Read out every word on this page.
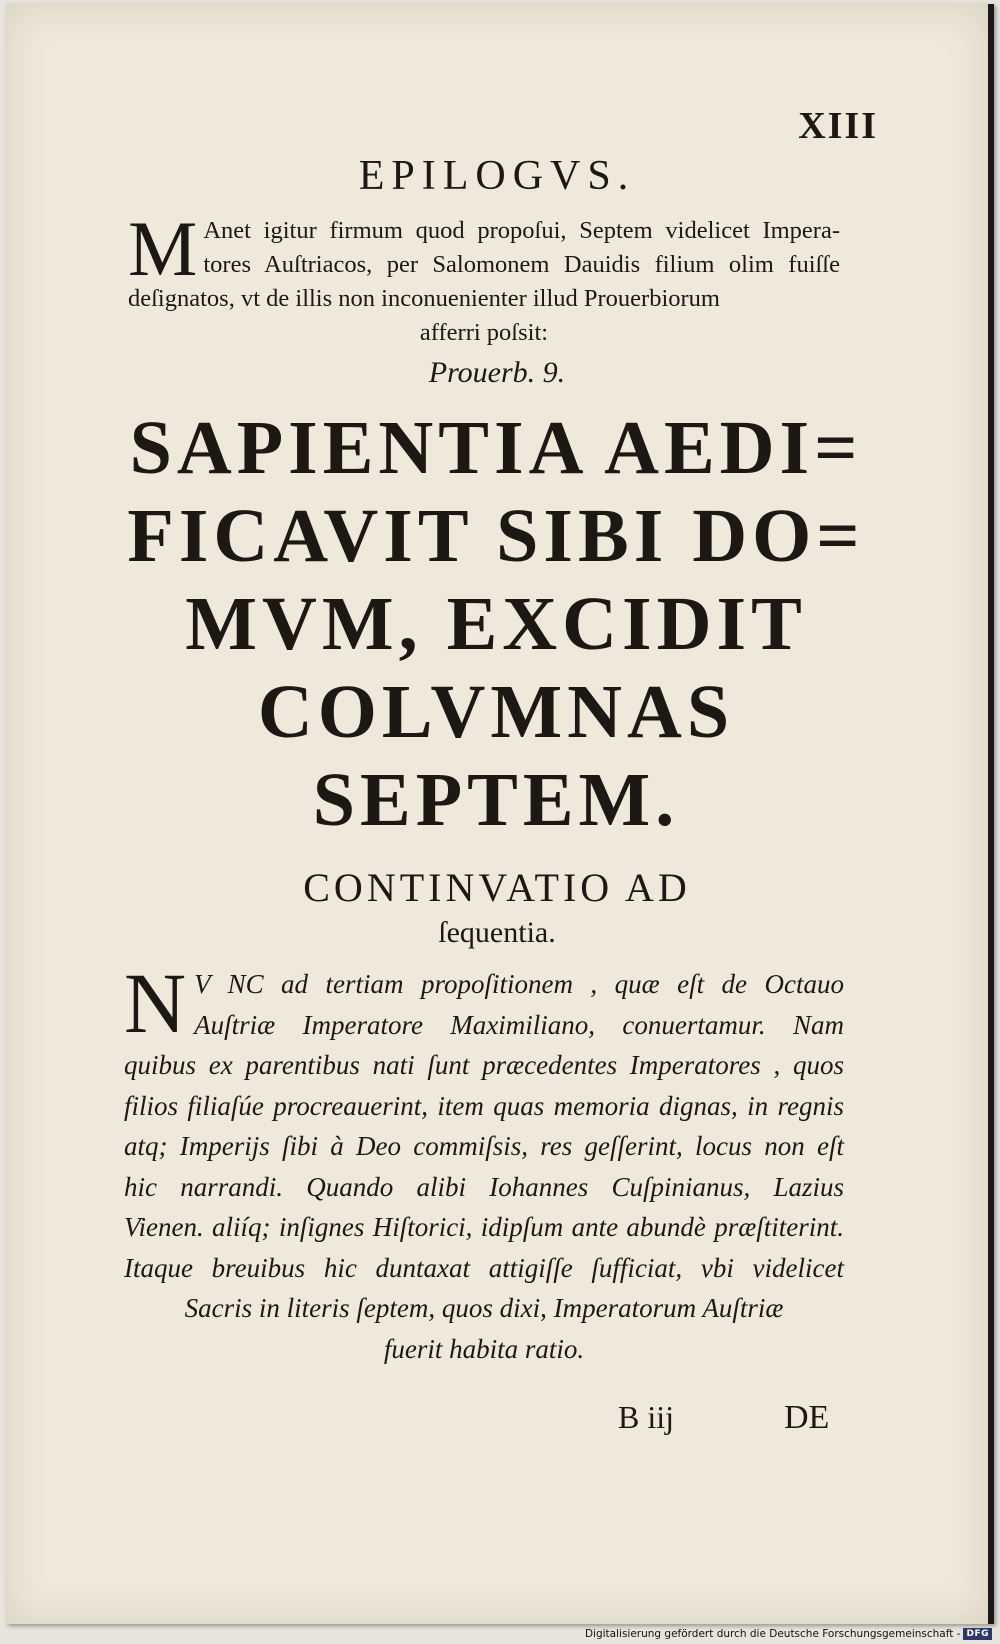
XIII

EPILOGVS.
M Anet igitur firmum quod propoſui, Septem videlicet Impera- tores Auſtriacos, per Salomonem Dauidis filium olim fuiſſe deſignatos, vt de illis non inconuenienter illud Prouerbiorum

afferri poſsit:
Prouerb. 9.
SAPIENTIA AEDI=
FICAVIT SIBI DO=
MVM, EXCIDIT
COLVMNAS
SEPTEM.
CONTINVATIO AD
ſequentia.
N V NC ad tertiam propoſitionem , quæ eſt de Octauo
Auſtriæ Imperatore Maximiliano, conuertamur. Nam
quibus ex parentibus nati ſunt præcedentes Imperatores , quos
filios filiaſúe procreauerint, item quas memoria dignas, in regnis
atq; Imperijs ſibi à Deo commiſsis, res geſſerint, locus non eſt
hic narrandi. Quando alibi Iohannes Cuſpinianus, Lazius
Vienen. aliíq; inſignes Hiſtorici, idipſum ante abundè præſtiterint.
Itaque breuibus hic duntaxat attigiſſe ſufficiat, vbi videlicet
Sacris in literis ſeptem, quos dixi, Imperatorum Auſtriæ
fuerit habita ratio.
B iij	DE
Digitalisierung gefördert durch die Deutsche Forschungsgemeinschaft - DFG
